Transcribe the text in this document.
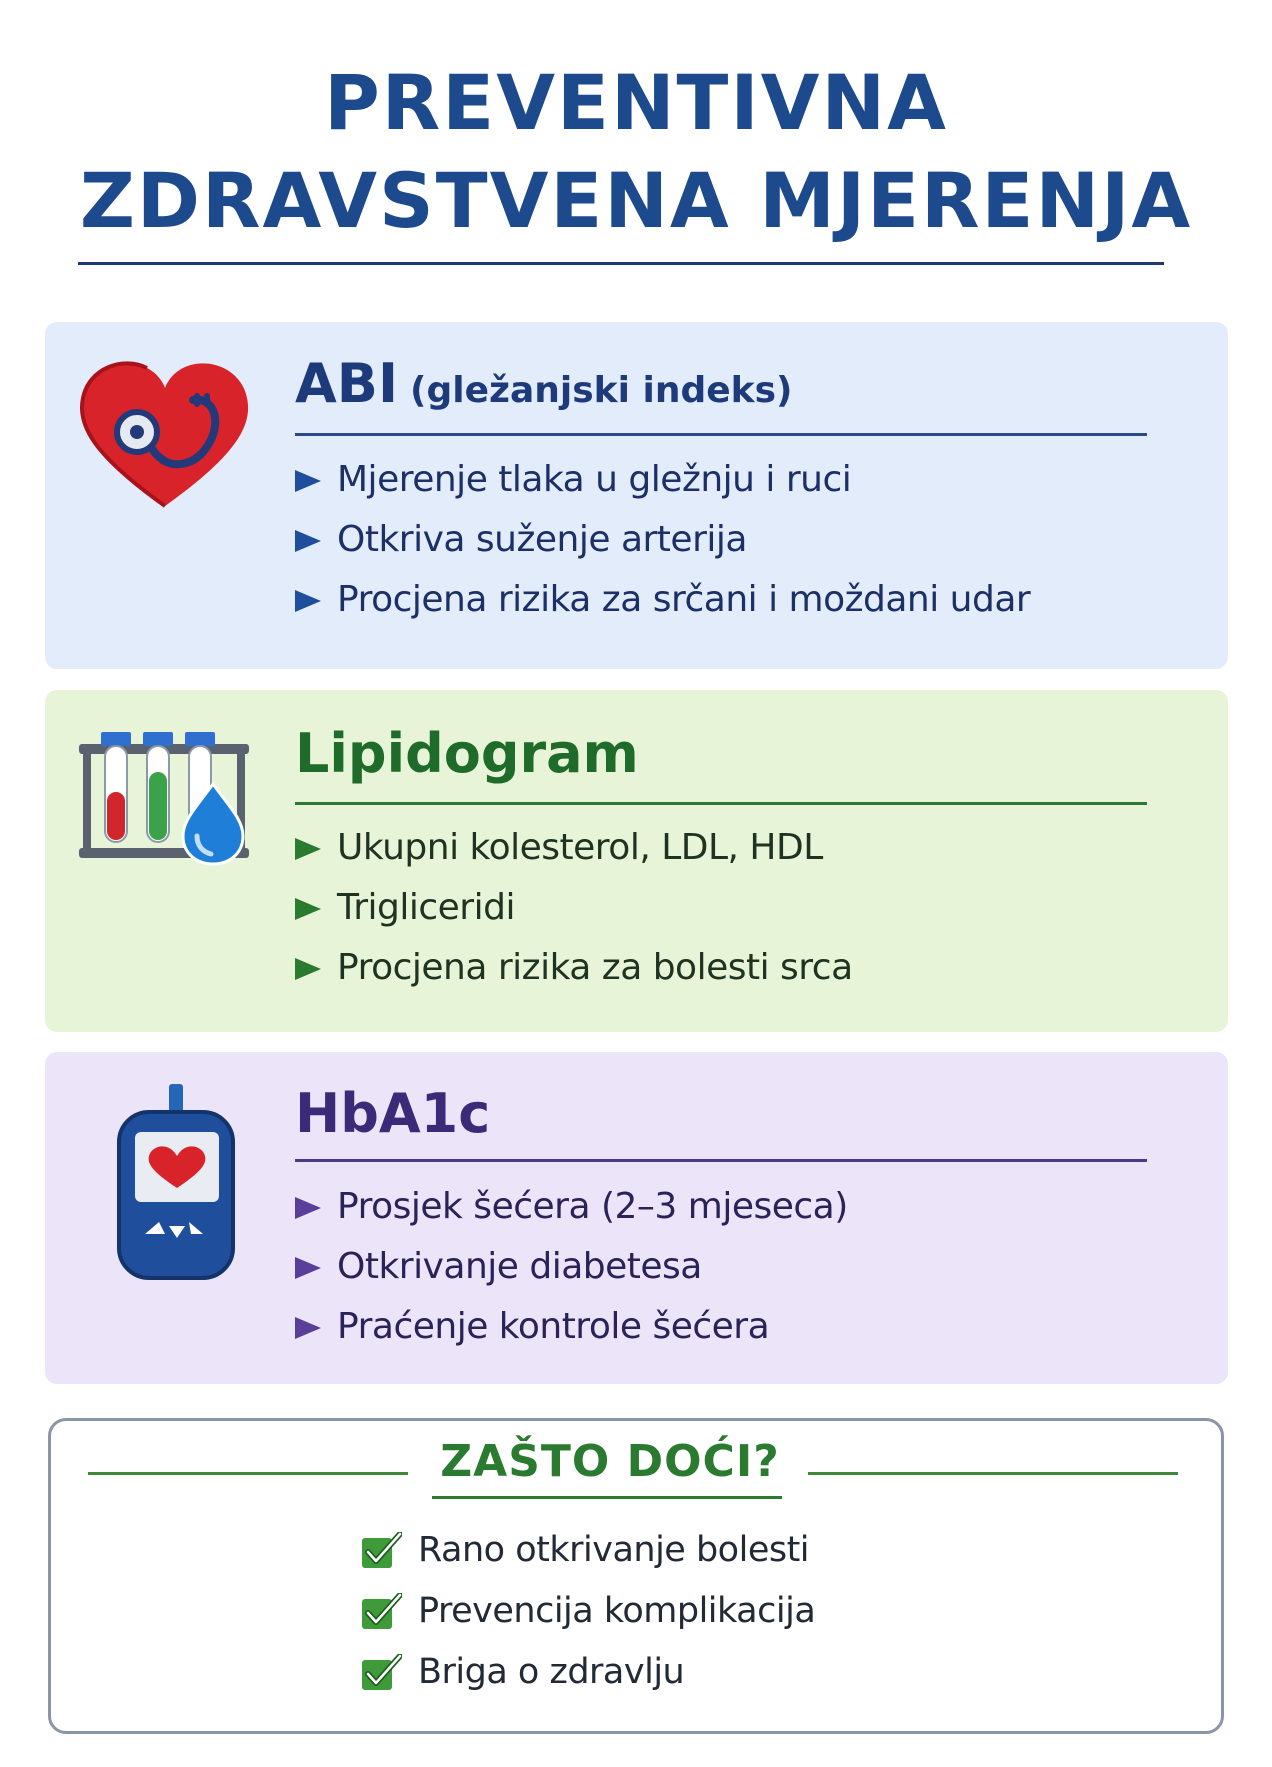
PREVENTIVNA
ZDRAVSTVENA MJERENJA
ABI (gležanjski indeks)
Mjerenje tlaka u gležnju i ruci
Otkriva suženje arterija
Procjena rizika za srčani i moždani udar
Lipidogram
Ukupni kolesterol, LDL, HDL
Trigliceridi
Procjena rizika za bolesti srca
HbA1c
Prosjek šećera (2–3 mjeseca)
Otkrivanje diabetesa
Praćenje kontrole šećera
ZAŠTO DOĆI?
Rano otkrivanje bolesti
Prevencija komplikacija
Briga o zdravlju
